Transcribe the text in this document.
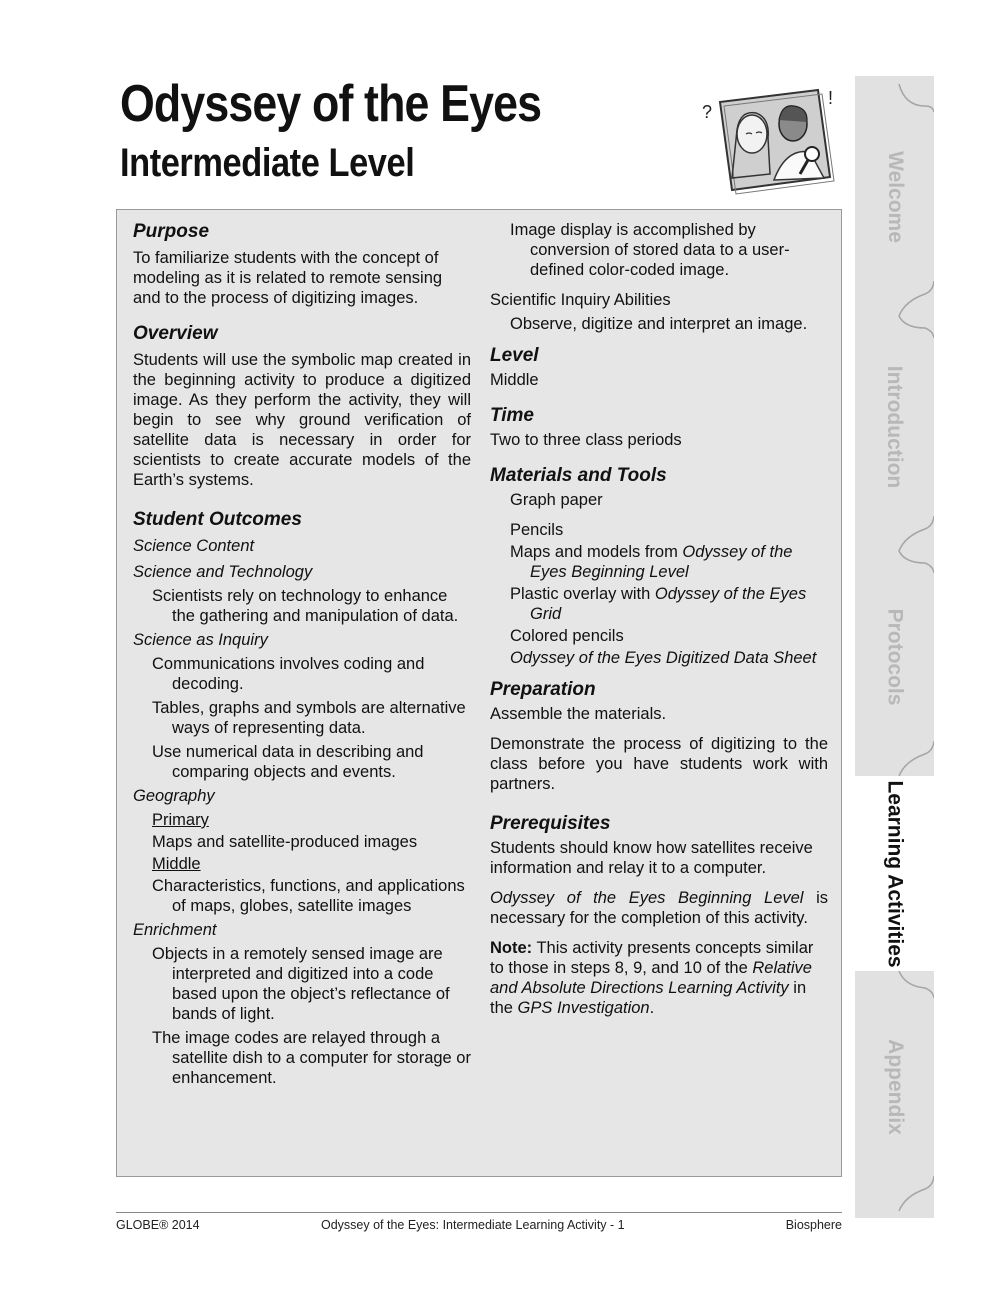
Odyssey of the Eyes
Intermediate Level
?
!
Purpose

To familiarize students with the concept of modeling as it is related to remote sensing and to the process of digitizing images.

Overview

Students will use the symbolic map created in the beginning activity to produce a digitized image. As they perform the activity, they will begin to see why ground verification of satellite data is necessary in order for scientists to create accurate models of the Earth’s systems.

Student Outcomes

Science Content

Science and Technology

Scientists rely on technology to enhance the gathering and manipulation of data.

Science as Inquiry

Communications involves coding and decoding.

Tables, graphs and symbols are alternative ways of representing data.

Use numerical data in describing and comparing objects and events.

Geography

Primary

Maps and satellite-produced images

Middle

Characteristics, functions, and applications of maps, globes, satellite images

Enrichment

Objects in a remotely sensed image are interpreted and digitized into a code based upon the object’s reflectance of bands of light.

The image codes are relayed through a satellite dish to a computer for storage or enhancement.

Image display is accomplished by conversion of stored data to a user-defined color-coded image.

Scientific Inquiry Abilities

Observe, digitize and interpret an image.

Level

Middle

Time

Two to three class periods

Materials and Tools

Graph paper

Pencils

Maps and models from Odyssey of the Eyes Beginning Level

Plastic overlay with Odyssey of the Eyes Grid

Colored pencils

Odyssey of the Eyes Digitized Data Sheet

Preparation

Assemble the materials.

Demonstrate the process of digitizing to the class before you have students work with partners.

Prerequisites

Students should know how satellites receive information and relay it to a computer.

Odyssey of the Eyes Beginning Level is necessary for the completion of this activity.

Note: This activity presents concepts similar to those in steps 8, 9, and 10 of the Relative and Absolute Directions Learning Activity in the GPS Investigation.

Welcome
Introduction
Protocols
Learning Activities
Appendix
GLOBE® 2014	Odyssey of the Eyes: Intermediate Learning Activity - 1	Biosphere
